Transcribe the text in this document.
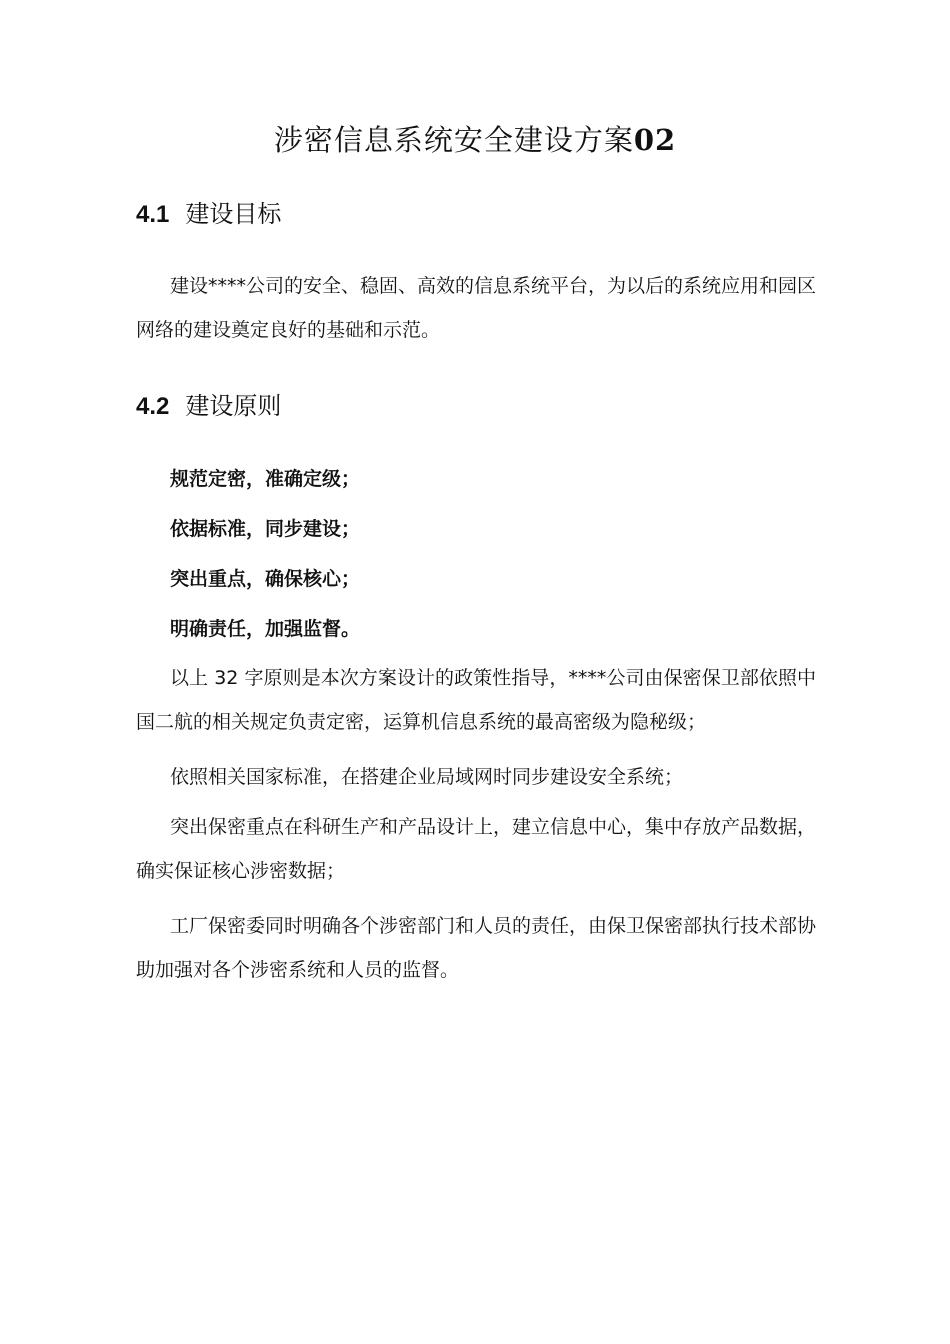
涉密信息系统安全建设方案02
4.1 建设目标

建设****公司的安全、稳固、高效的信息系统平台，为以后的系统应用和园区网络的建设奠定良好的基础和示范。

4.2 建设原则
规范定密，准确定级；
依据标准，同步建设；
突出重点，确保核心；
明确责任，加强监督。

以上 32 字原则是本次方案设计的政策性指导，****公司由保密保卫部依照中国二航的相关规定负责定密，运算机信息系统的最高密级为隐秘级；

依照相关国家标准，在搭建企业局域网时同步建设安全系统；

突出保密重点在科研生产和产品设计上，建立信息中心，集中存放产品数据，确实保证核心涉密数据；

工厂保密委同时明确各个涉密部门和人员的责任，由保卫保密部执行技术部协助加强对各个涉密系统和人员的监督。
